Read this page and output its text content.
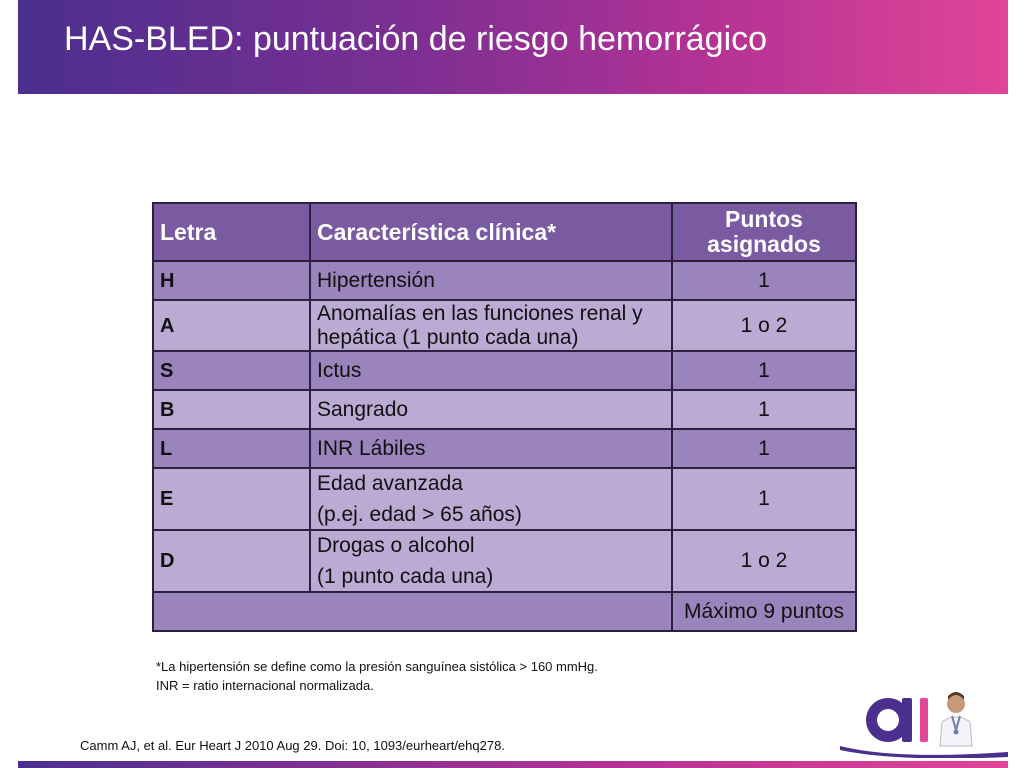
HAS-BLED: puntuación de riesgo hemorrágico
Letra	Característica clínica*	Puntos
asignados

H	Hipertensión	1
A	Anomalías en las funciones renal y
hepática (1 punto cada una)	1 o 2
S	Ictus	1
B	Sangrado	1
L	INR Lábiles	1
E	Edad avanzada
(p.ej. edad > 65 años)	1
D	Drogas o alcohol
(1 punto cada una)	1 o 2
		Máximo 9 puntos
*La hipertensión se define como la presión sanguínea sistólica > 160 mmHg.
INR = ratio internacional normalizada.
Camm AJ, et al. Eur Heart J 2010 Aug 29. Doi: 10, 1093/eurheart/ehq278.
